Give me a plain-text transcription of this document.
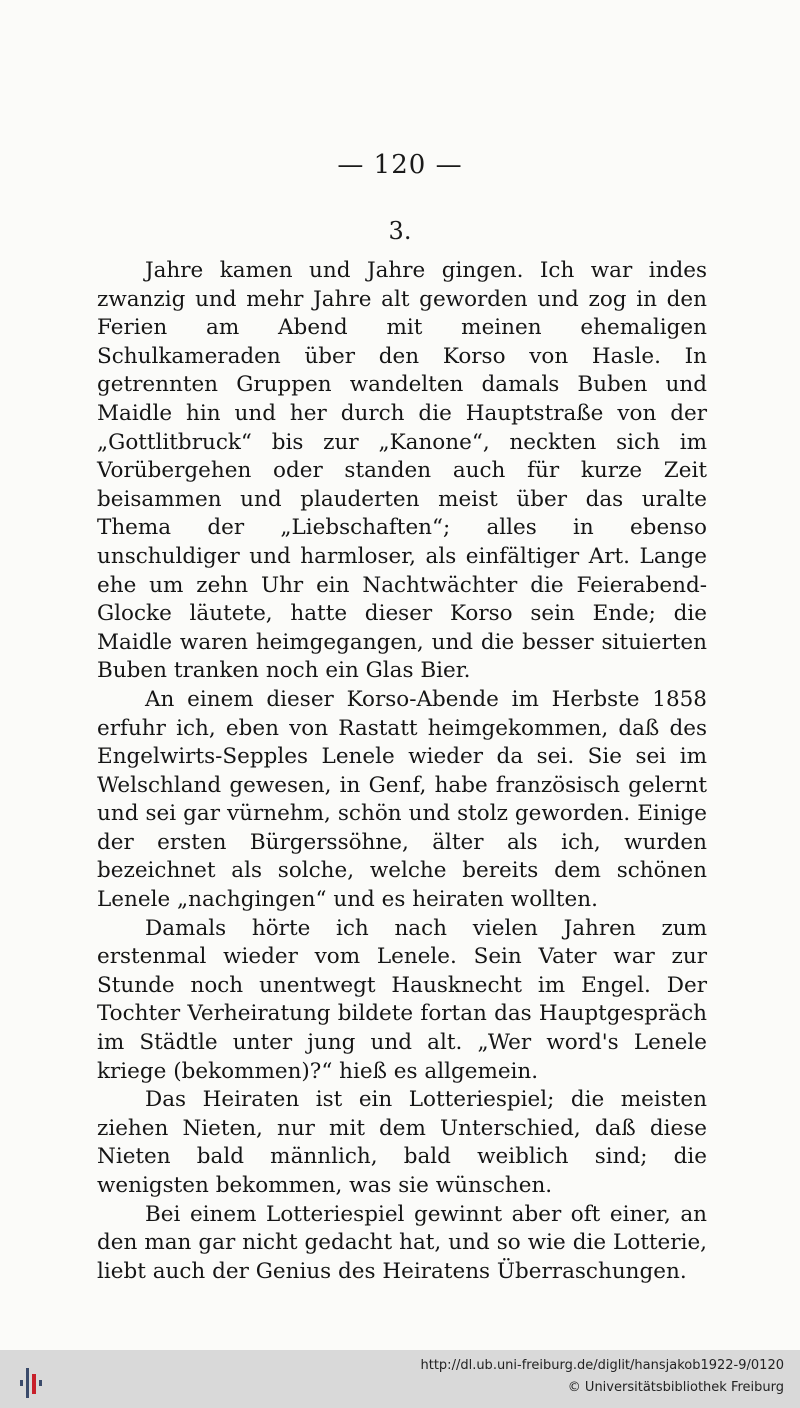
— 120 —
3.

Jahre kamen und Jahre gingen. Ich war indes zwanzig und mehr Jahre alt geworden und zog in den Ferien am Abend mit meinen ehemaligen Schulkameraden über den Korso von Hasle. In getrennten Gruppen wandelten damals Buben und Maidle hin und her durch die Hauptstraße von der „Gottlitbruck“ bis zur „Kanone“, neckten sich im Vorübergehen oder standen auch für kurze Zeit beisammen und plauderten meist über das uralte Thema der „Liebschaften“; alles in ebenso unschuldiger und harmloser, als einfältiger Art. Lange ehe um zehn Uhr ein Nachtwächter die Feierabend-Glocke läutete, hatte dieser Korso sein Ende; die Maidle waren heimgegangen, und die besser situierten Buben tranken noch ein Glas Bier.

An einem dieser Korso-Abende im Herbste 1858 erfuhr ich, eben von Rastatt heimgekommen, daß des Engelwirts-Sepples Lenele wieder da sei. Sie sei im Welschland gewesen, in Genf, habe französisch gelernt und sei gar vürnehm, schön und stolz geworden. Einige der ersten Bürgerssöhne, älter als ich, wurden bezeichnet als solche, welche bereits dem schönen Lenele „nachgingen“ und es heiraten wollten.

Damals hörte ich nach vielen Jahren zum erstenmal wieder vom Lenele. Sein Vater war zur Stunde noch unentwegt Hausknecht im Engel. Der Tochter Verheiratung bildete fortan das Hauptgespräch im Städtle unter jung und alt. „Wer word's Lenele kriege (bekommen)?“ hieß es allgemein.

Das Heiraten ist ein Lotteriespiel; die meisten ziehen Nieten, nur mit dem Unterschied, daß diese Nieten bald männlich, bald weiblich sind; die wenigsten bekommen, was sie wünschen.

Bei einem Lotteriespiel gewinnt aber oft einer, an den man gar nicht gedacht hat, und so wie die Lotterie, liebt auch der Genius des Heiratens Überraschungen.

http://dl.ub.uni-freiburg.de/diglit/hansjakob1922-9/0120
© Universitätsbibliothek Freiburg
